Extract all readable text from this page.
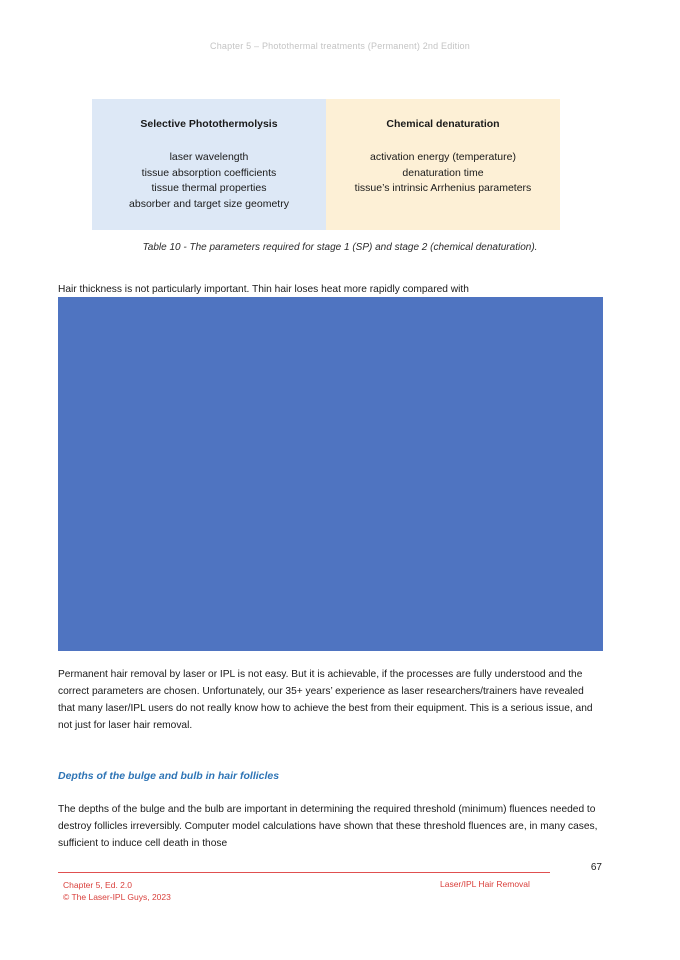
Chapter 5 – Photothermal treatments (Permanent) 2nd Edition
Selective Photothermolysis
laser wavelength
tissue absorption coefficients
tissue thermal properties
absorber and target size geometry
Chemical denaturation
activation energy (temperature)
denaturation time
tissue’s intrinsic Arrhenius parameters
Table 10 - The parameters required for stage 1 (SP) and stage 2 (chemical denaturation).
Hair thickness is not particularly important. Thin hair loses heat more rapidly compared with
Permanent hair removal by laser or IPL is not easy. But it is achievable, if the processes are fully understood and the correct parameters are chosen. Unfortunately, our 35+ years’ experience as laser researchers/trainers have revealed that many laser/IPL users do not really know how to achieve the best from their equipment. This is a serious issue, and not just for laser hair removal.
Depths of the bulge and bulb in hair follicles
The depths of the bulge and the bulb are important in determining the required threshold (minimum) fluences needed to destroy follicles irreversibly. Computer model calculations have shown that these threshold fluences are, in many cases, sufficient to induce cell death in those
67
Chapter 5, Ed. 2.0
© The Laser-IPL Guys, 2023
Laser/IPL Hair Removal
